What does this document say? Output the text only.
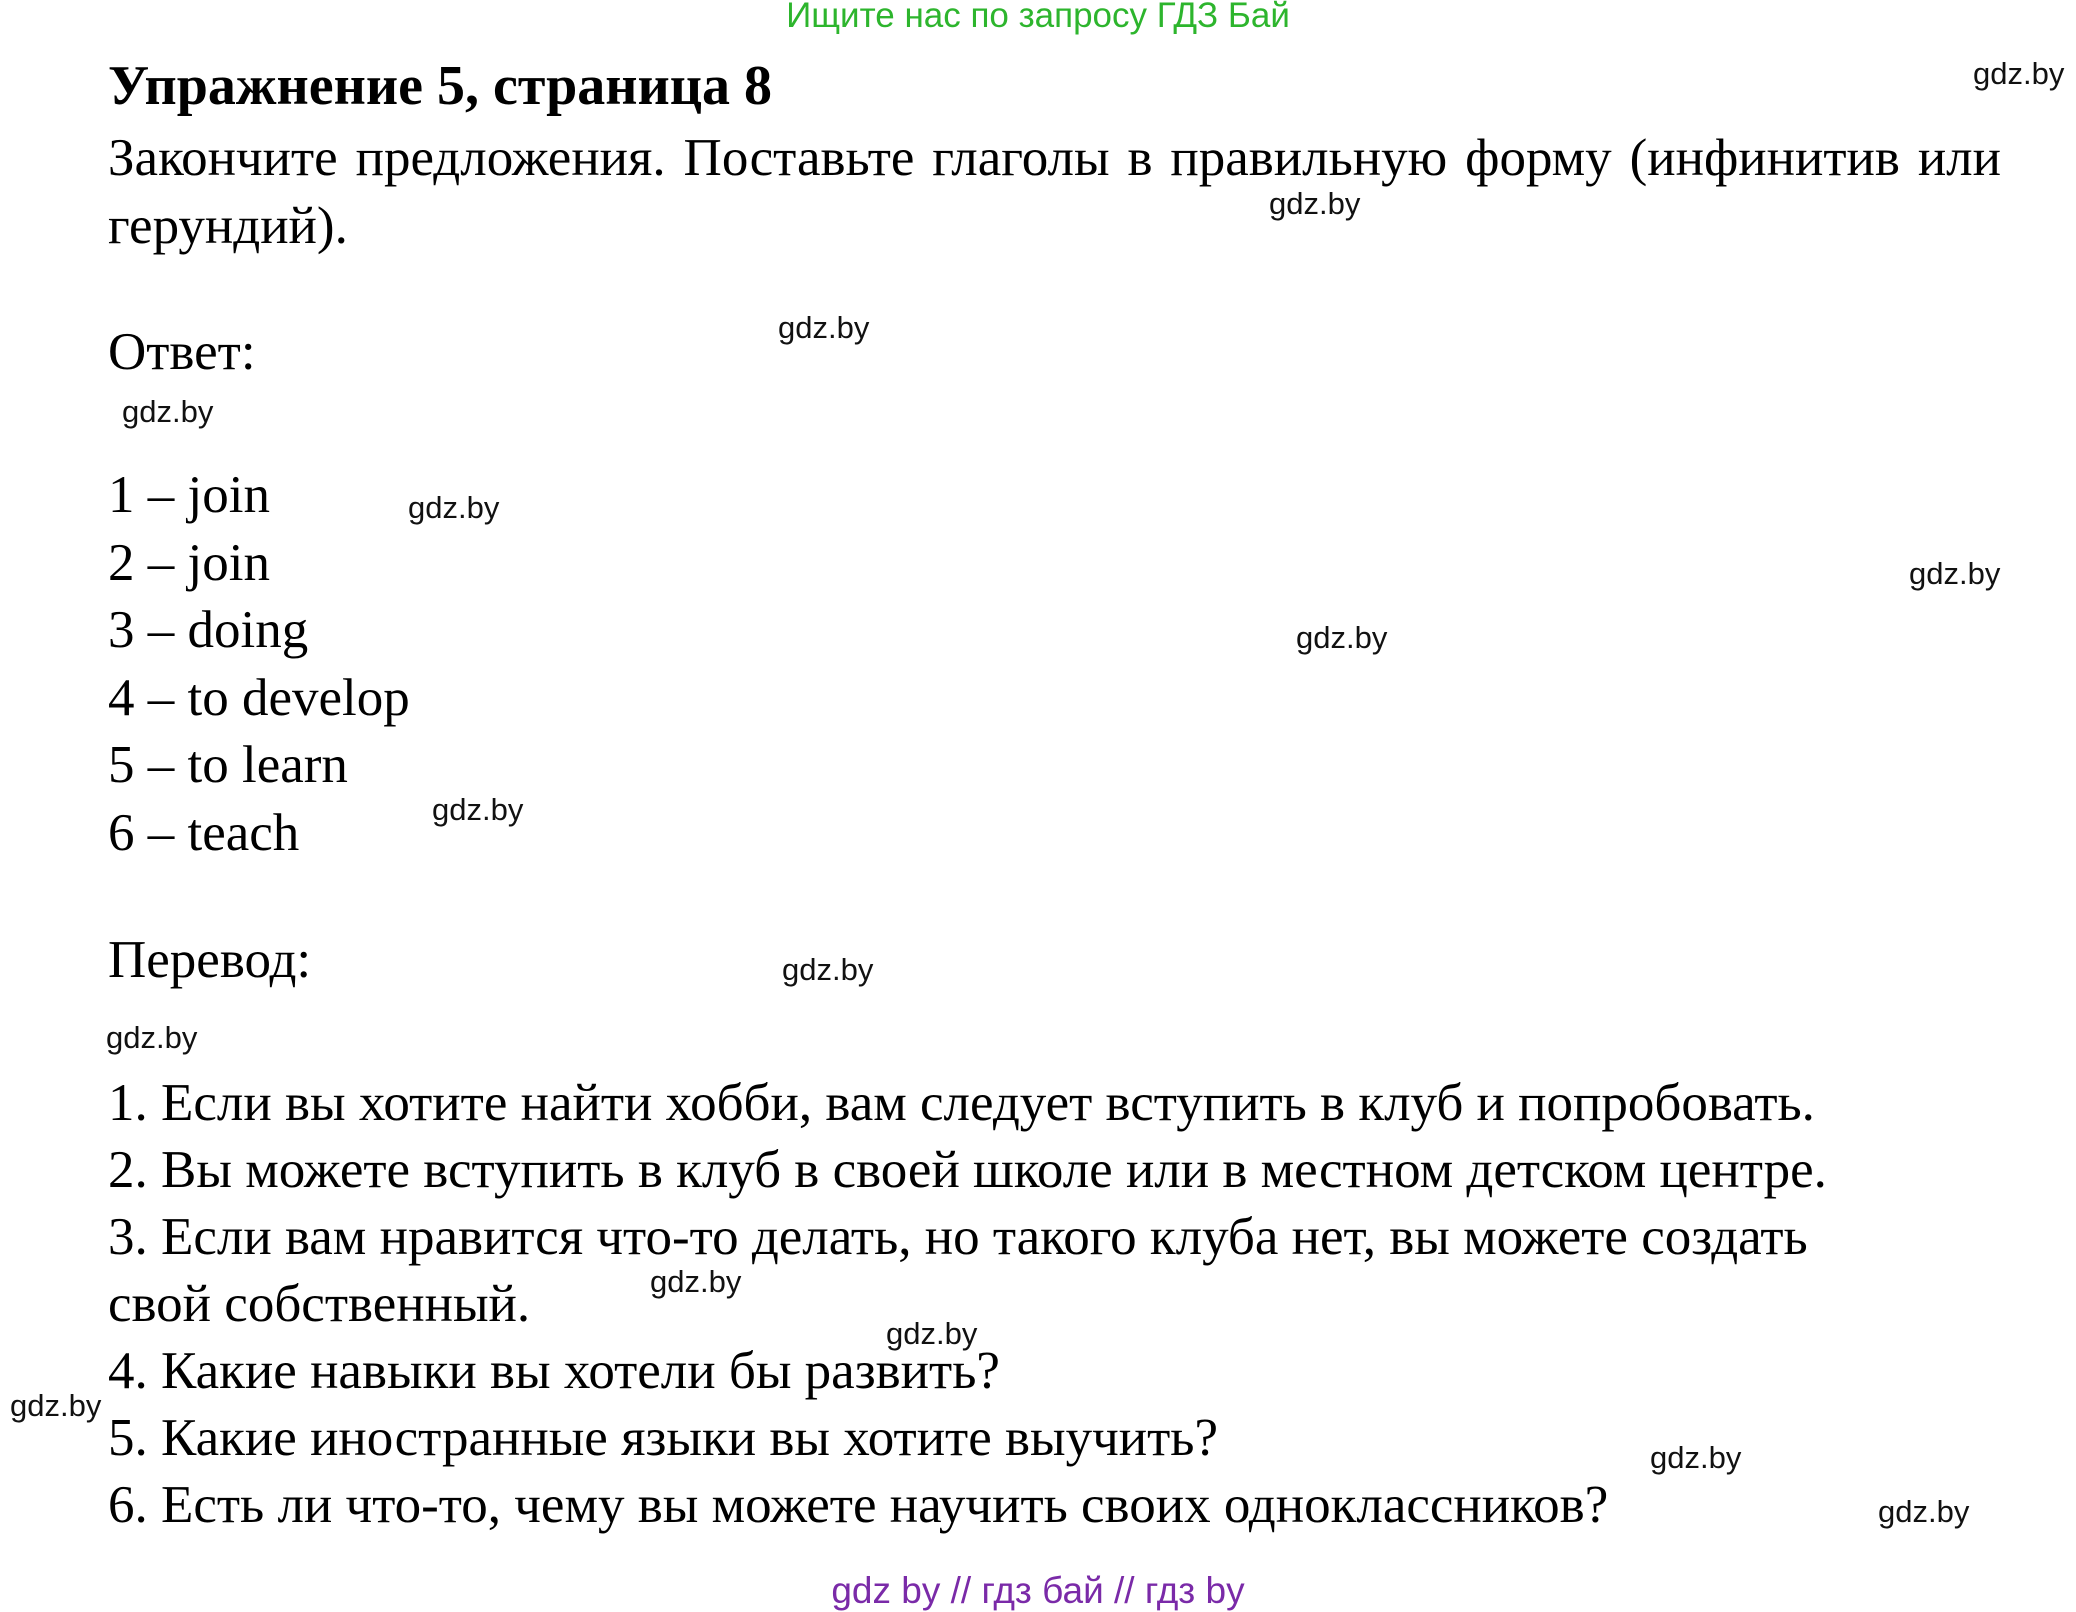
Ищите нас по запросу ГДЗ Бай
Упражнение 5, страница 8
Закончите предложения. Поставьте глаголы в правильную форму (инфинитив или герундий).
Ответ:
1 – join
2 – join
3 – doing
4 – to develop
5 – to learn
6 – teach
Перевод:
1. Если вы хотите найти хобби, вам следует вступить в клуб и попробовать.
2. Вы можете вступить в клуб в своей школе или в местном детском центре.
3. Если вам нравится что-то делать, но такого клуба нет, вы можете создать
свой собственный.
4. Какие навыки вы хотели бы развить?
5. Какие иностранные языки вы хотите выучить?
6. Есть ли что-то, чему вы можете научить своих одноклассников?
gdz.by
gdz.by
gdz.by
gdz.by
gdz.by
gdz.by
gdz.by
gdz.by
gdz.by
gdz.by
gdz.by
gdz.by
gdz.by
gdz.by
gdz.by
gdz by // гдз бай // гдз by
